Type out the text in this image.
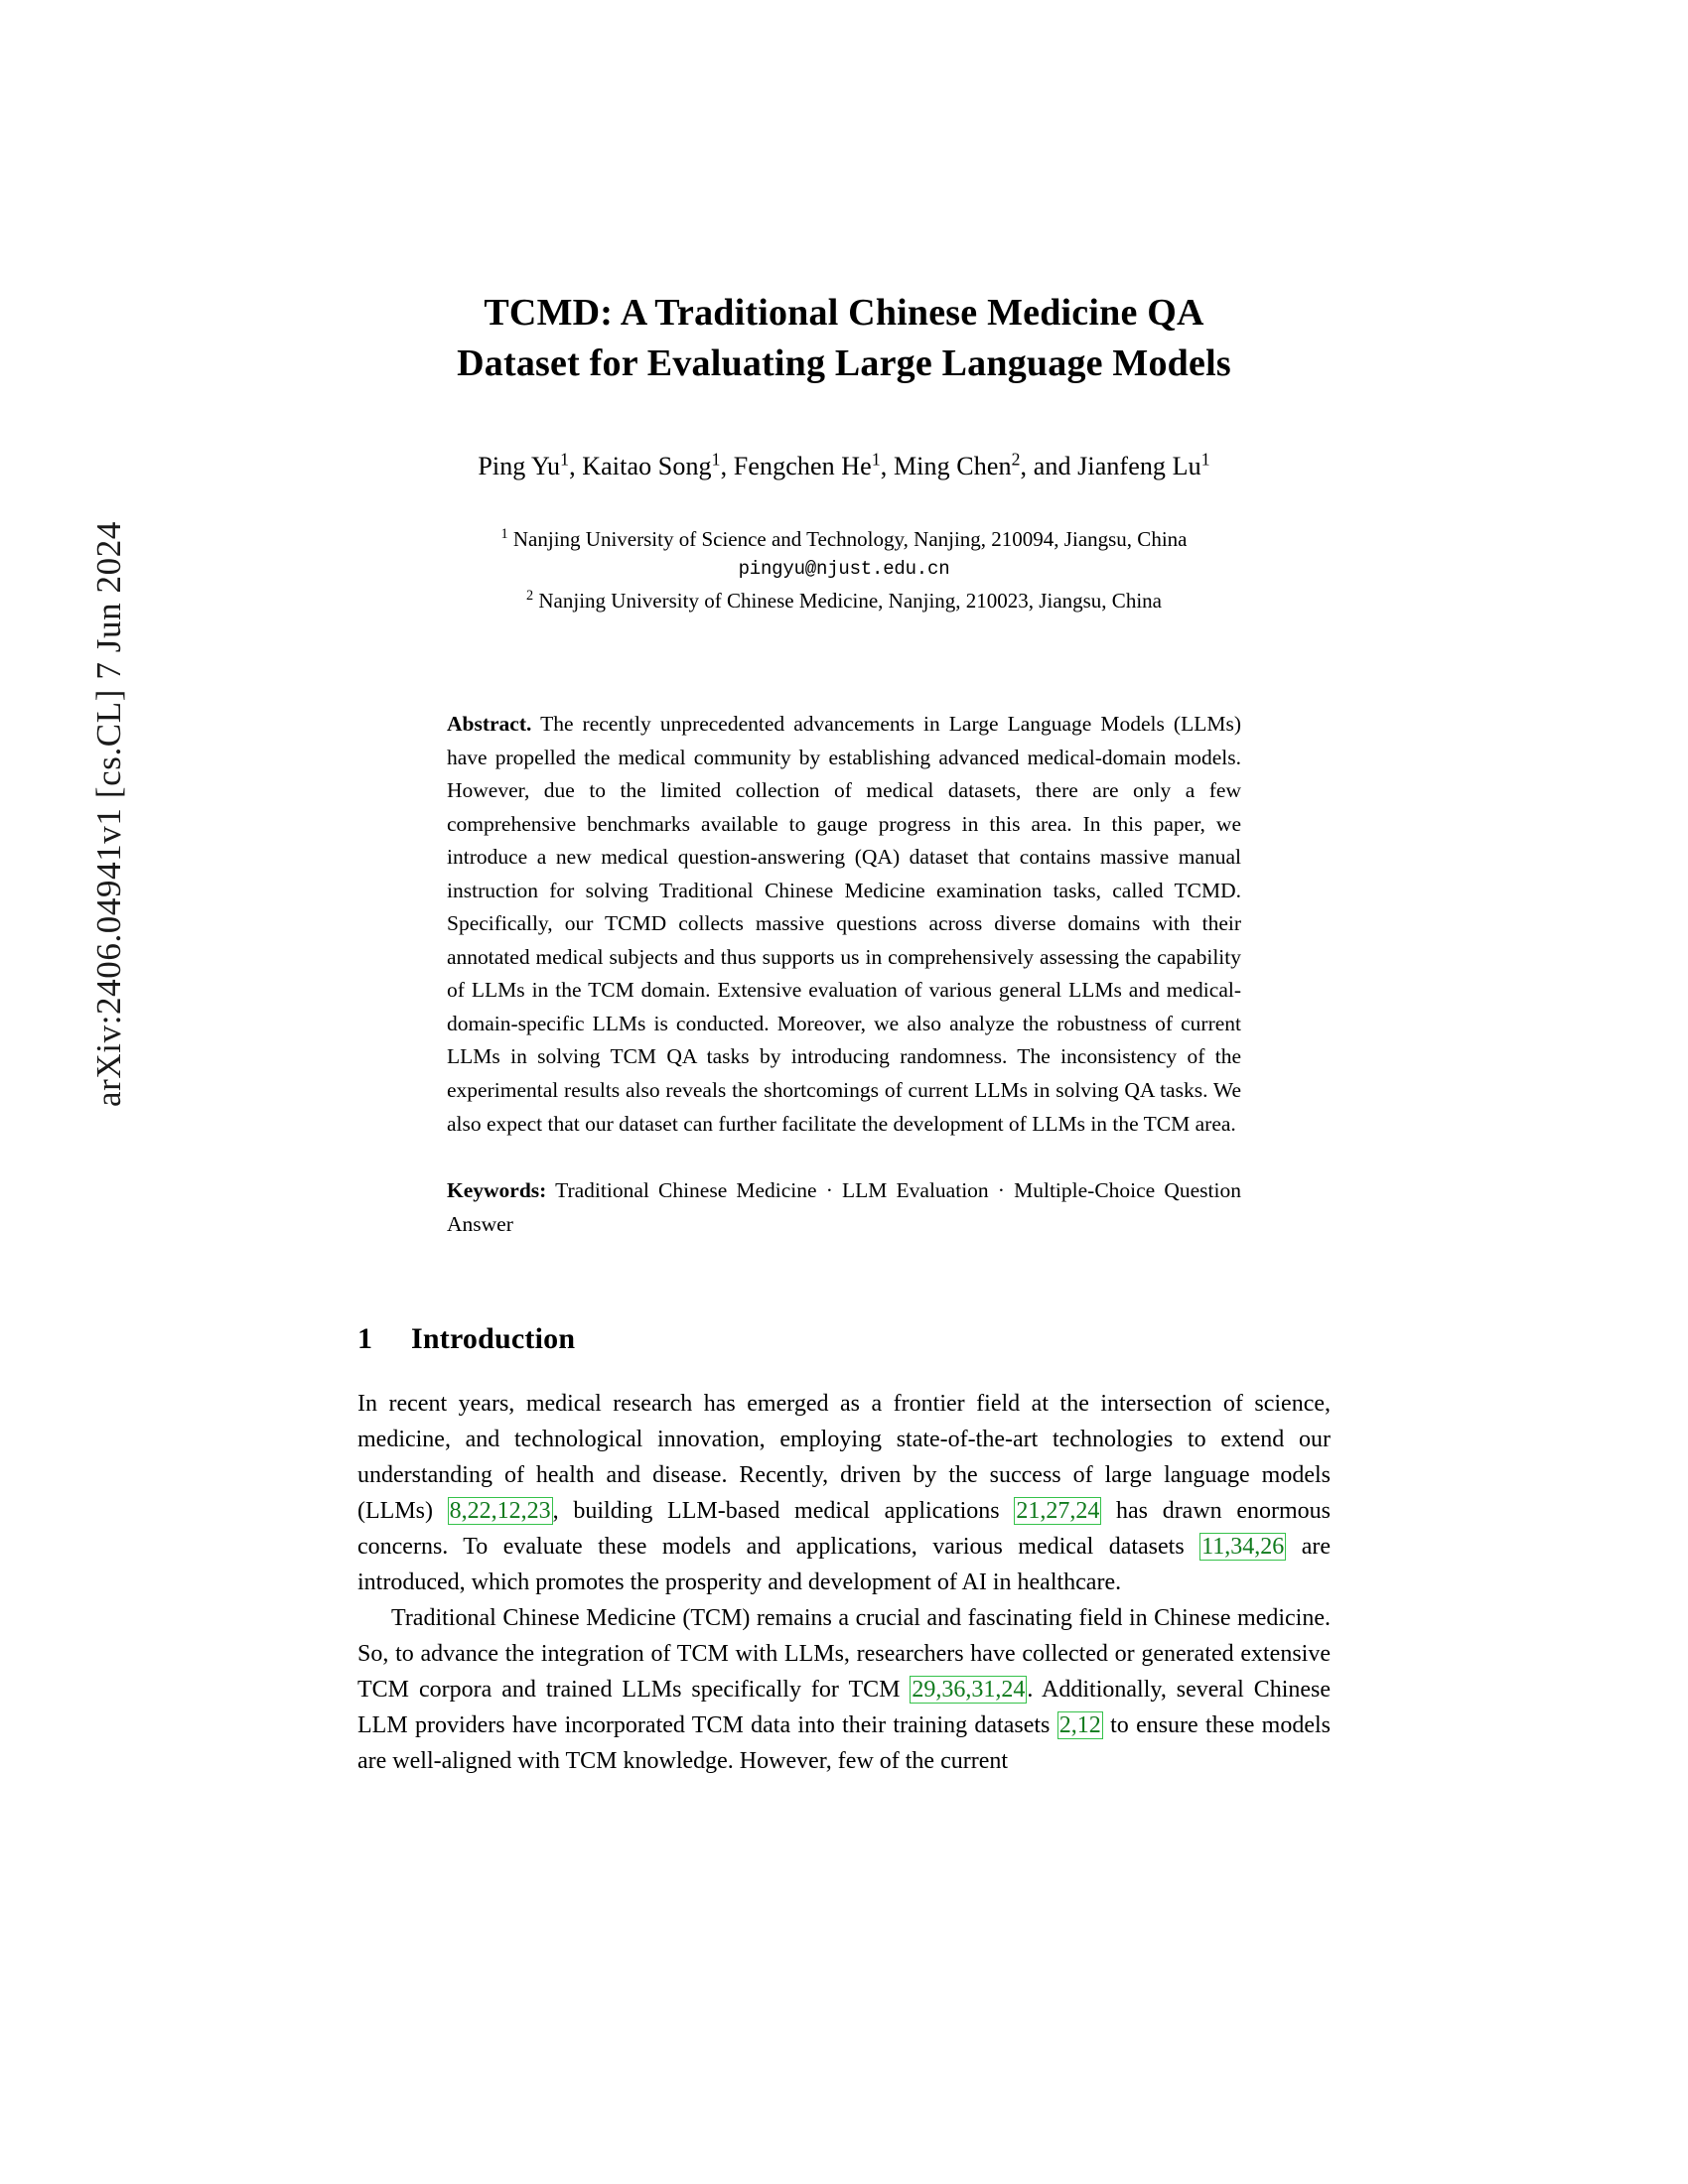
arXiv:2406.04941v1 [cs.CL] 7 Jun 2024
TCMD: A Traditional Chinese Medicine QA
Dataset for Evaluating Large Language Models
Ping Yu$^1$, Kaitao Song$^1$, Fengchen He$^1$, Ming Chen$^2$, and Jianfeng Lu$^1$
$^1$ Nanjing University of Science and Technology, Nanjing, 210094, Jiangsu, China
pingyu@njust.edu.cn
$^2$ Nanjing University of Chinese Medicine, Nanjing, 210023, Jiangsu, China
Abstract. The recently unprecedented advancements in Large Language Models (LLMs) have propelled the medical community by establishing advanced medical-domain models. However, due to the limited collection of medical datasets, there are only a few comprehensive benchmarks available to gauge progress in this area. In this paper, we introduce a new medical question-answering (QA) dataset that contains massive manual instruction for solving Traditional Chinese Medicine examination tasks, called TCMD. Specifically, our TCMD collects massive questions across diverse domains with their annotated medical subjects and thus supports us in comprehensively assessing the capability of LLMs in the TCM domain. Extensive evaluation of various general LLMs and medical-domain-specific LLMs is conducted. Moreover, we also analyze the robustness of current LLMs in solving TCM QA tasks by introducing randomness. The inconsistency of the experimental results also reveals the shortcomings of current LLMs in solving QA tasks. We also expect that our dataset can further facilitate the development of LLMs in the TCM area.
Keywords: Traditional Chinese Medicine · LLM Evaluation · Multiple-Choice Question Answer
1 Introduction

In recent years, medical research has emerged as a frontier field at the intersection of science, medicine, and technological innovation, employing state-of-the-art technologies to extend our understanding of health and disease. Recently, driven by the success of large language models (LLMs) 8,22,12,23, building LLM-based medical applications 21,27,24 has drawn enormous concerns. To evaluate these models and applications, various medical datasets 11,34,26 are introduced, which promotes the prosperity and development of AI in healthcare.

Traditional Chinese Medicine (TCM) remains a crucial and fascinating field in Chinese medicine. So, to advance the integration of TCM with LLMs, researchers have collected or generated extensive TCM corpora and trained LLMs specifically for TCM 29,36,31,24. Additionally, several Chinese LLM providers have incorporated TCM data into their training datasets 2,12 to ensure these models are well-aligned with TCM knowledge. However, few of the current
